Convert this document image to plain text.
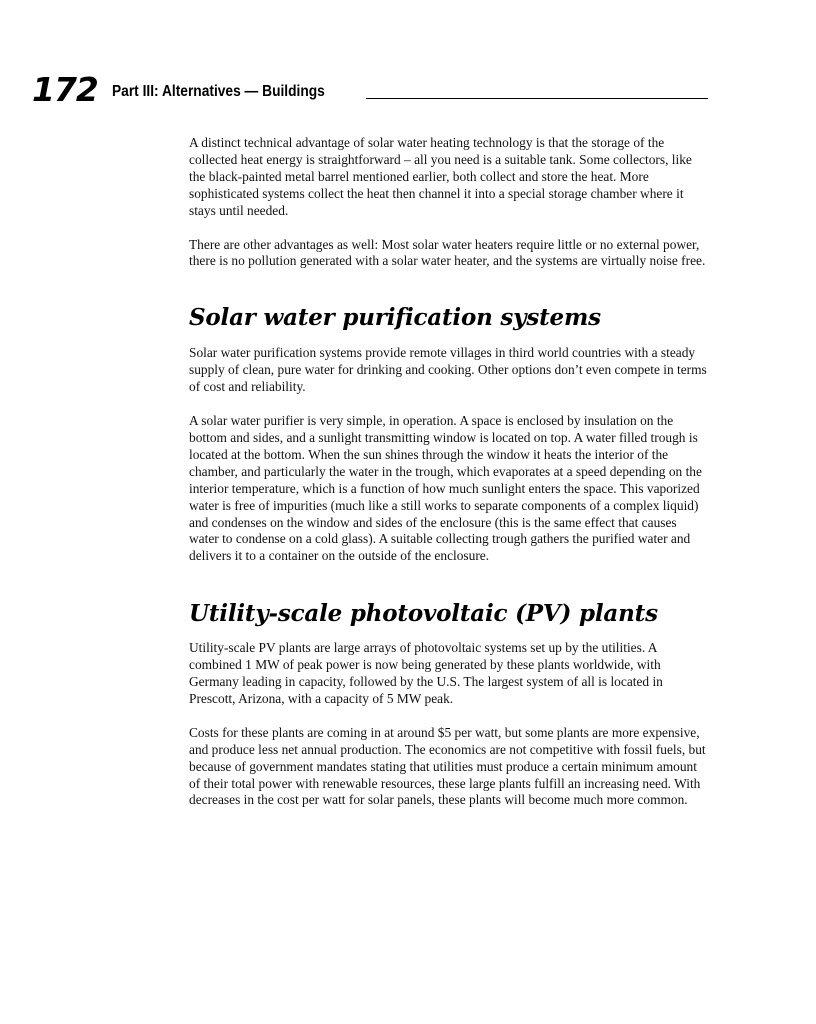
172 Part III: Alternatives — Buildings

A distinct technical advantage of solar water heating technology is that the storage of the collected heat energy is straightforward – all you need is a suitable tank. Some collectors, like the black-painted metal barrel mentioned earlier, both collect and store the heat. More sophisticated systems collect the heat then channel it into a special storage chamber where it stays until needed.

There are other advantages as well: Most solar water heaters require little or no external power, there is no pollution generated with a solar water heater, and the systems are virtually noise free.

Solar water purification systems

Solar water purification systems provide remote villages in third world countries with a steady supply of clean, pure water for drinking and cooking. Other options don’t even compete in terms of cost and reliability.

A solar water purifier is very simple, in operation. A space is enclosed by insulation on the bottom and sides, and a sunlight transmitting window is located on top. A water filled trough is located at the bottom. When the sun shines through the window it heats the interior of the chamber, and particularly the water in the trough, which evaporates at a speed depending on the interior temperature, which is a function of how much sunlight enters the space. This vaporized water is free of impurities (much like a still works to separate components of a complex liquid) and condenses on the window and sides of the enclosure (this is the same effect that causes water to condense on a cold glass). A suitable collecting trough gathers the purified water and delivers it to a container on the outside of the enclosure.

Utility-scale photovoltaic (PV) plants

Utility-scale PV plants are large arrays of photovoltaic systems set up by the utilities. A combined 1 MW of peak power is now being generated by these plants worldwide, with Germany leading in capacity, followed by the U.S. The largest system of all is located in Prescott, Arizona, with a capacity of 5 MW peak.

Costs for these plants are coming in at around $5 per watt, but some plants are more expensive, and produce less net annual production. The economics are not competitive with fossil fuels, but because of government mandates stating that utilities must produce a certain minimum amount of their total power with renewable resources, these large plants fulfill an increasing need. With decreases in the cost per watt for solar panels, these plants will become much more common.
